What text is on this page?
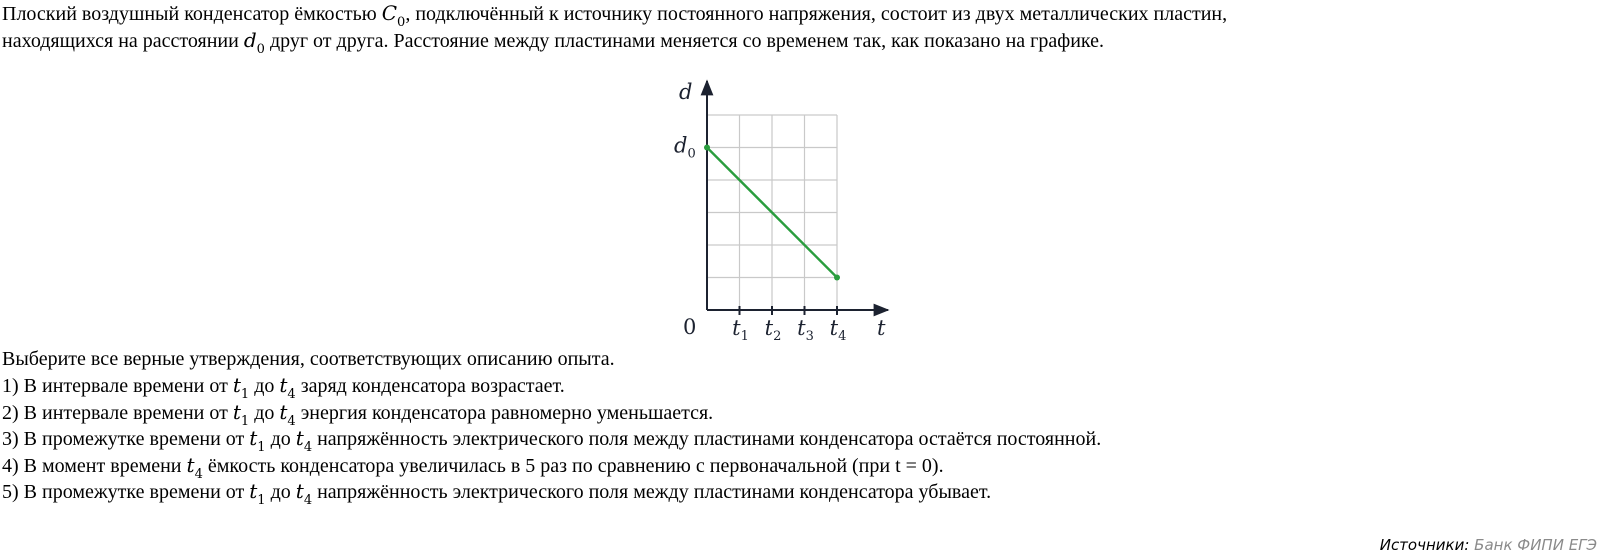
Плоский воздушный конденсатор ёмкостью $C_0$, подключённый к источнику постоянного напряжения, состоит из двух металлических пластин,
находящихся на расстоянии $d_0$ друг от друга. Расстояние между пластинами меняется со временем так, как показано на графике.
$t_1$ $t_2$ $t_3$ $t_4$
$d_0$
d
t
0
Выберите все верные утверждения, соответствующих описанию опыта.
1) В интервале времени от $t_1$ до $t_4$ заряд конденсатора возрастает.
2) В интервале времени от $t_1$ до $t_4$ энергия конденсатора равномерно уменьшается.
3) В промежутке времени от $t_1$ до $t_4$ напряжённость электрического поля между пластинами конденсатора остаётся постоянной.
4) В момент времени $t_4$ ёмкость конденсатора увеличилась в 5 раз по сравнению с первоначальной (при t = 0).
5) В промежутке времени от $t_1$ до $t_4$ напряжённость электрического поля между пластинами конденсатора убывает.
Источники: Банк ФИПИ ЕГЭ
